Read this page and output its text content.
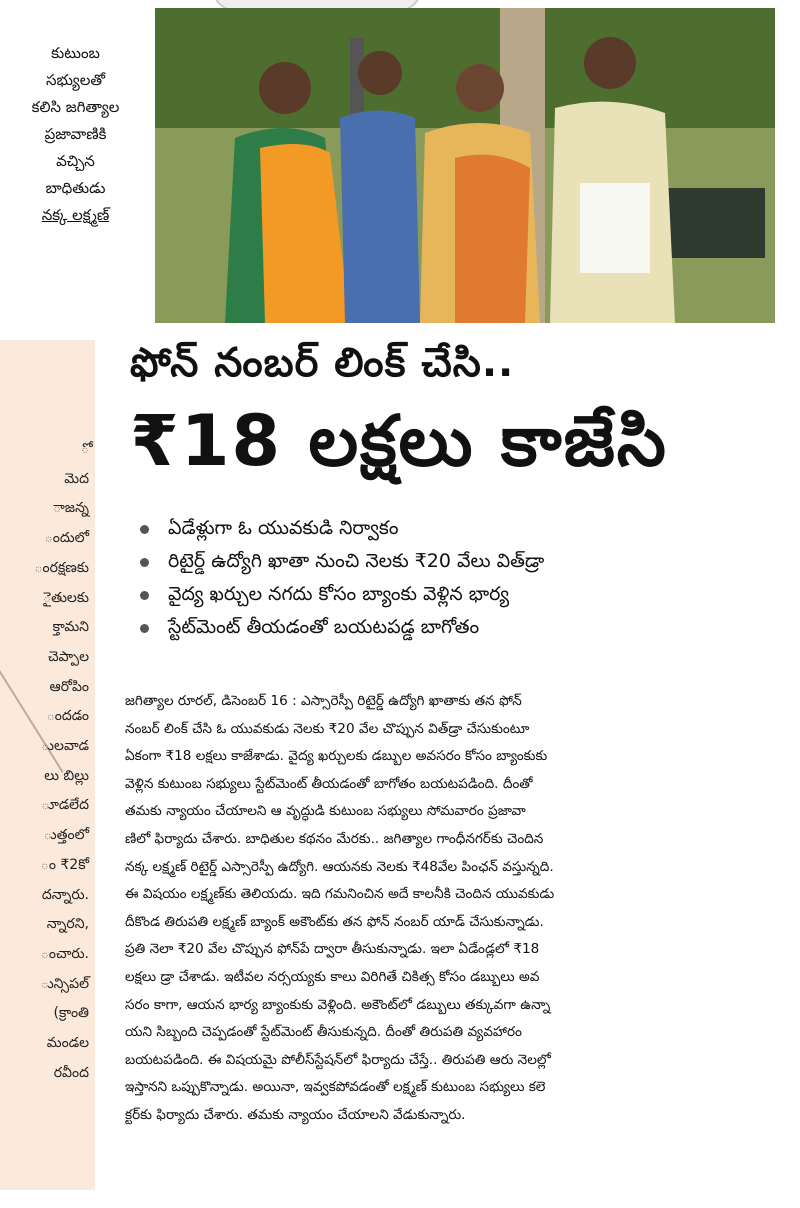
ో
మెద
ాజన్న
ందులో
ంరక్షణకు
ైతులకు
క్తామని
చెప్పాల
ఆరోపిం
ందడం
ులవాడ
లు బిల్లు
ూడలేద
ుత్తంలో
ం ₹2కో
దన్నారు.
న్నారని,
ంచారు.
ున్సిపల్
(క్రాంతి
మండల
రవీంద
కుటుంబ
సభ్యులతో
కలిసి జగిత్యాల
ప్రజావాణికి
వచ్చిన
బాధితుడు
నక్క లక్ష్మణ్
ఫోన్ నంబర్ లింక్ చేసి..
₹18 లక్షలు కాజేసి
ఏడేళ్లుగా ఓ యువకుడి నిర్వాకం
రిటైర్డ్ ఉద్యోగి ఖాతా నుంచి నెలకు ₹20 వేలు విత్‌డ్రా
వైద్య ఖర్చుల నగదు కోసం బ్యాంకు వెళ్లిన భార్య
స్టేట్‌మెంట్ తీయడంతో బయటపడ్డ బాగోతం
జగిత్యాల రూరల్, డిసెంబర్ 16 : ఎస్సారెస్పీ రిటైర్డ్ ఉద్యోగి ఖాతాకు తన ఫోన్
నంబర్ లింక్ చేసి ఓ యువకుడు నెలకు ₹20 వేల చొప్పున విత్‌డ్రా చేసుకుంటూ
ఏకంగా ₹18 లక్షలు కాజేశాడు. వైద్య ఖర్చులకు డబ్బుల అవసరం కోసం బ్యాంకుకు
వెళ్లిన కుటుంబ సభ్యులు స్టేట్‌మెంట్ తీయడంతో బాగోతం బయటపడింది. దీంతో
తమకు న్యాయం చేయాలని ఆ వృద్ధుడి కుటుంబ సభ్యులు సోమవారం ప్రజావా
ణిలో ఫిర్యాదు చేశారు. బాధితుల కథనం మేరకు.. జగిత్యాల గాంధీనగర్‌కు చెందిన
నక్క లక్ష్మణ్ రిటైర్డ్ ఎస్సారెస్పీ ఉద్యోగి. ఆయనకు నెలకు ₹48వేల పింఛన్ వస్తున్నది.
ఈ విషయం లక్ష్మణ్‌కు తెలియదు. ఇది గమనించిన అదే కాలనీకి చెందిన యువకుడు
దీకొండ తిరుపతి లక్ష్మణ్ బ్యాంక్ అకౌంట్‌కు తన ఫోన్ నంబర్ యాడ్ చేసుకున్నాడు.
ప్రతి నెలా ₹20 వేల చొప్పున ఫోన్‌పే ద్వారా తీసుకున్నాడు. ఇలా ఏడేండ్లలో ₹18
లక్షలు డ్రా చేశాడు. ఇటీవల నర్సయ్యకు కాలు విరిగితే చికిత్స కోసం డబ్బులు అవ
సరం కాగా, ఆయన భార్య బ్యాంకుకు వెళ్లింది. అకౌంట్‌లో డబ్బులు తక్కువగా ఉన్నా
యని సిబ్బంది చెప్పడంతో స్టేట్‌మెంట్ తీసుకున్నది. దీంతో తిరుపతి వ్యవహారం
బయటపడింది. ఈ విషయమై పోలీస్‌స్టేషన్‌లో ఫిర్యాదు చేస్తే.. తిరుపతి ఆరు నెలల్లో
ఇస్తానని ఒప్పుకొన్నాడు. అయినా, ఇవ్వకపోవడంతో లక్ష్మణ్ కుటుంబ సభ్యులు కలె
క్టర్‌కు ఫిర్యాదు చేశారు. తమకు న్యాయం చేయాలని వేడుకున్నారు.
